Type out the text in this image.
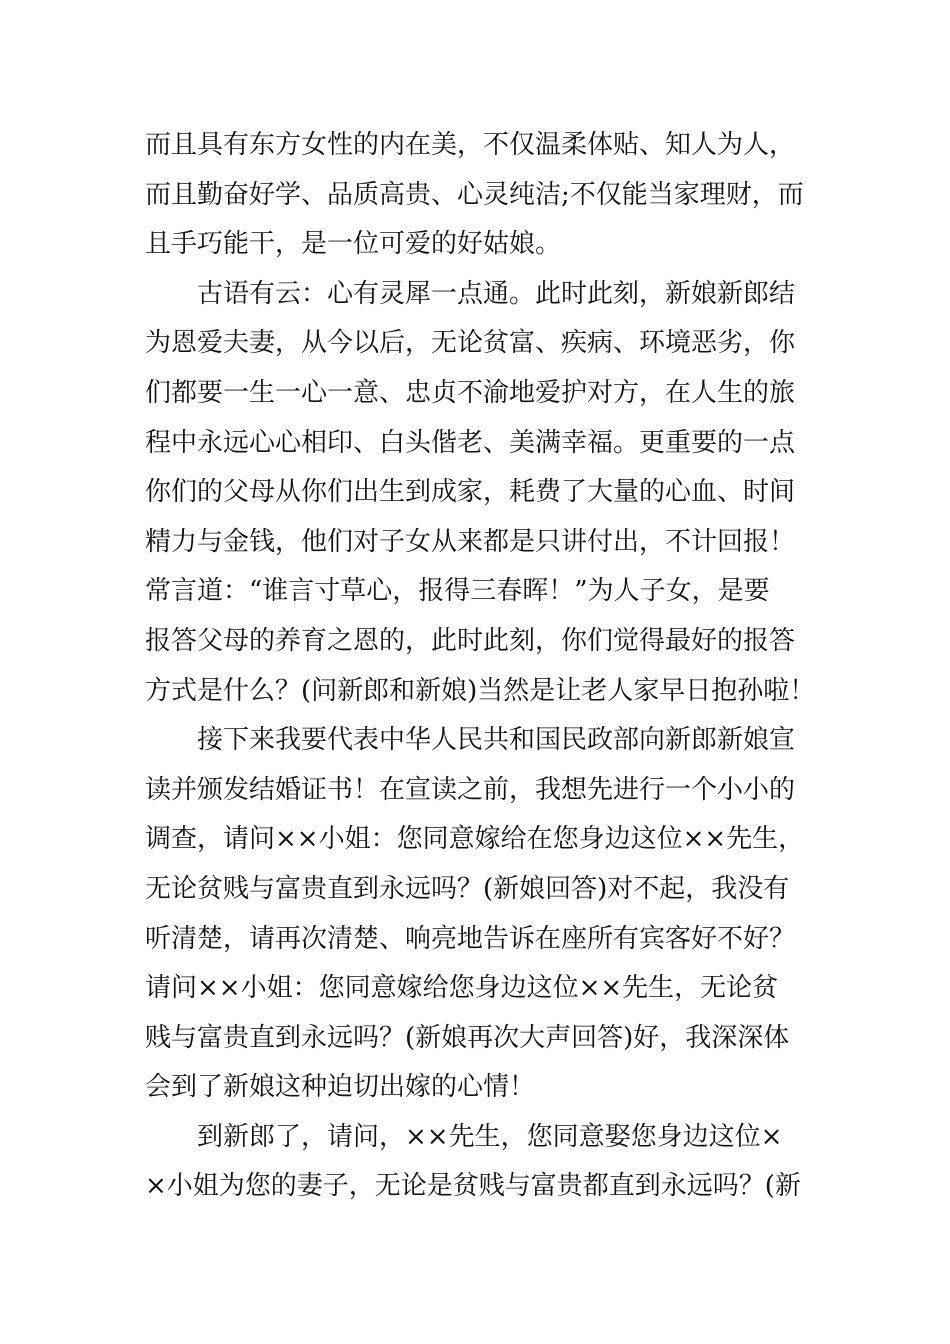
而且具有东方女性的内在美，不仅温柔体贴、知人为人，
而且勤奋好学、品质高贵、心灵纯洁;不仅能当家理财，而
且手巧能干，是一位可爱的好姑娘。
古语有云：心有灵犀一点通。此时此刻，新娘新郎结
为恩爱夫妻，从今以后，无论贫富、疾病、环境恶劣，你
们都要一生一心一意、忠贞不渝地爱护对方，在人生的旅
程中永远心心相印、白头偕老、美满幸福。更重要的一点
你们的父母从你们出生到成家，耗费了大量的心血、时间
精力与金钱，他们对子女从来都是只讲付出，不计回报！
常言道：“谁言寸草心，报得三春晖！”为人子女，是要
报答父母的养育之恩的，此时此刻，你们觉得最好的报答
方式是什么？(问新郎和新娘)当然是让老人家早日抱孙啦！
接下来我要代表中华人民共和国民政部向新郎新娘宣
读并颁发结婚证书！在宣读之前，我想先进行一个小小的
调查，请问××小姐：您同意嫁给在您身边这位××先生，
无论贫贱与富贵直到永远吗？(新娘回答)对不起，我没有
听清楚，请再次清楚、响亮地告诉在座所有宾客好不好？
请问××小姐：您同意嫁给您身边这位××先生，无论贫
贱与富贵直到永远吗？(新娘再次大声回答)好，我深深体
会到了新娘这种迫切出嫁的心情！
到新郎了，请问，××先生，您同意娶您身边这位×
×小姐为您的妻子，无论是贫贱与富贵都直到永远吗？(新
